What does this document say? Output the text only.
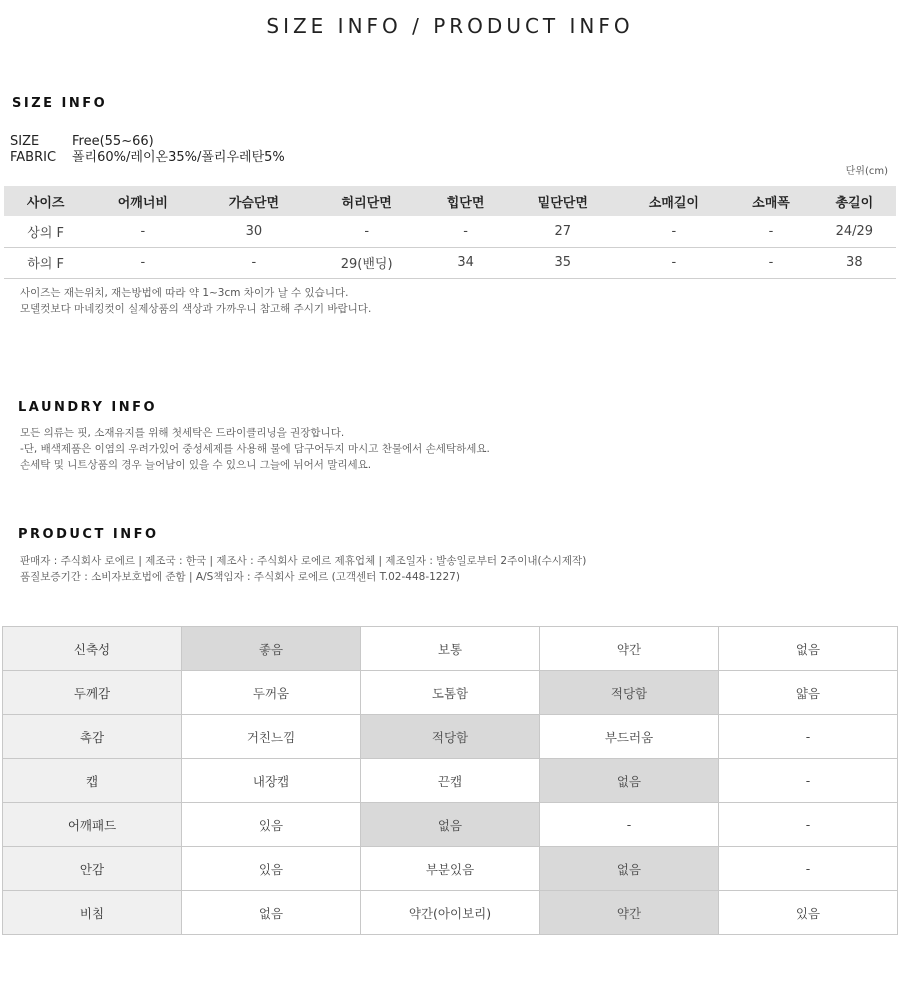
SIZE INFO / PRODUCT INFO
SIZE INFO
SIZE	Free(55~66)
FABRIC 폴리60%/레이온35%/폴리우레탄5%
단위(cm)
사이즈	어깨너비	가슴단면	허리단면	힙단면	밑단단면	소매길이	소매폭	총길이
상의 F	-	30	-	-	27	-	-	24/29
하의 F	-	-	29(밴딩)	34	35	-	-	38
사이즈는 재는위치, 재는방법에 따라 약 1~3cm 차이가 날 수 있습니다.
모델컷보다 마네킹컷이 실제상품의 색상과 가까우니 참고해 주시기 바랍니다.
LAUNDRY INFO
모든 의류는 핏, 소재유지를 위해 첫세탁은 드라이클리닝을 권장합니다.
-단, 배색제품은 이염의 우려가있어 중성세제를 사용해 물에 담구어두지 마시고 찬물에서 손세탁하세요.
손세탁 및 니트상품의 경우 늘어남이 있을 수 있으니 그늘에 뉘어서 말리세요.
PRODUCT INFO
판매자 : 주식회사 로에르 | 제조국 : 한국 | 제조사 : 주식회사 로에르 제휴업체 | 제조일자 : 발송일로부터 2주이내(수시제작)
품질보증기간 : 소비자보호법에 준함 | A/S책임자 : 주식회사 로에르 (고객센터 T.02-448-1227)
신축성	좋음	보통	약간	없음
두께감	두꺼움	도톰함	적당함	얇음
촉감	거친느낌	적당함	부드러움	-
캡	내장캡	끈캡	없음	-
어깨패드	있음	없음	-	-
안감	있음	부분있음	없음	-
비침	없음	약간(아이보리)	약간	있음
